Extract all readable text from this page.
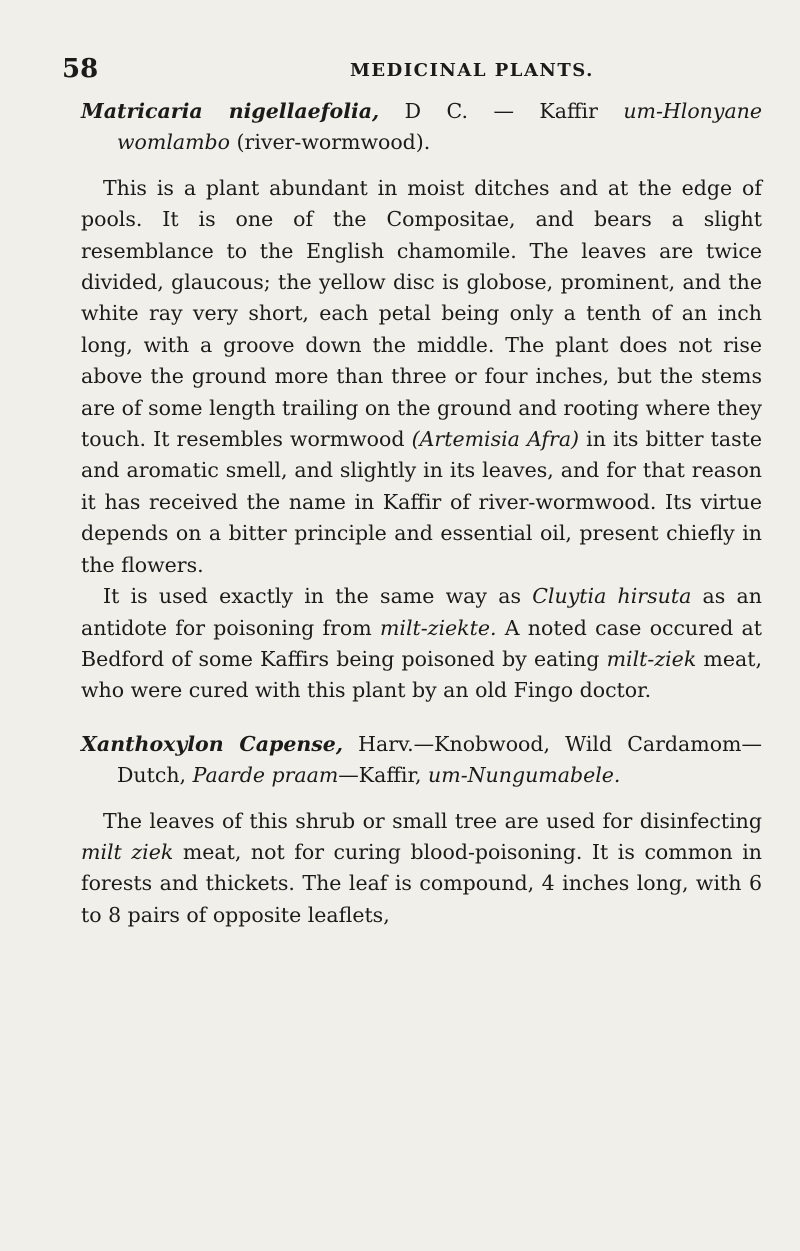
58	MEDICINAL PLANTS.

Matricaria nigellaefolia, D C. — Kaffir um-Hlonyane womlambo (river-wormwood).

This is a plant abundant in moist ditches and at the edge of pools. It is one of the Compositae, and bears a slight resemblance to the English chamomile. The leaves are twice divided, glaucous; the yellow disc is globose, prominent, and the white ray very short, each petal being only a tenth of an inch long, with a groove down the middle. The plant does not rise above the ground more than three or four inches, but the stems are of some length trailing on the ground and rooting where they touch. It resembles wormwood (Artemisia Afra) in its bitter taste and aromatic smell, and slightly in its leaves, and for that reason it has received the name in Kaffir of river-wormwood. Its virtue depends on a bitter principle and essential oil, present chiefly in the flowers.

It is used exactly in the same way as Cluytia hirsuta as an antidote for poisoning from milt-ziekte. A noted case occured at Bedford of some Kaffirs being poisoned by eating milt-ziek meat, who were cured with this plant by an old Fingo doctor.

Xanthoxylon Capense, Harv.—Knobwood, Wild Cardamom—Dutch, Paarde praam—Kaffir, um-Nungumabele.

The leaves of this shrub or small tree are used for disinfecting milt ziek meat, not for curing blood-poisoning. It is common in forests and thickets. The leaf is compound, 4 inches long, with 6 to 8 pairs of opposite leaflets,
